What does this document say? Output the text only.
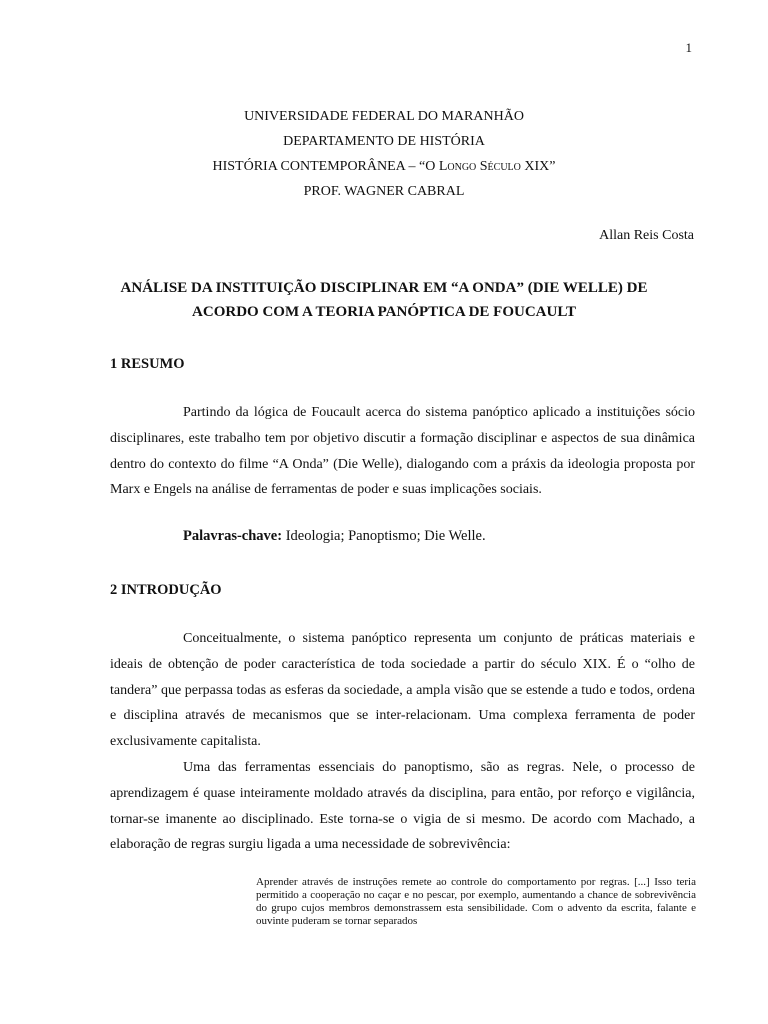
1
UNIVERSIDADE FEDERAL DO MARANHÃO
DEPARTAMENTO DE HISTÓRIA
HISTÓRIA CONTEMPORÂNEA – “O Longo Século XIX”
PROF. WAGNER CABRAL
Allan Reis Costa
ANÁLISE DA INSTITUIÇÃO DISCIPLINAR EM “A ONDA” (DIE WELLE) DE ACORDO COM A TEORIA PANÓPTICA DE FOUCAULT
1 RESUMO

Partindo da lógica de Foucault acerca do sistema panóptico aplicado a instituições sócio disciplinares, este trabalho tem por objetivo discutir a formação disciplinar e aspectos de sua dinâmica dentro do contexto do filme “A Onda” (Die Welle), dialogando com a práxis da ideologia proposta por Marx e Engels na análise de ferramentas de poder e suas implicações sociais.

Palavras-chave: Ideologia; Panoptismo; Die Welle.
2 INTRODUÇÃO

Conceitualmente, o sistema panóptico representa um conjunto de práticas materiais e ideais de obtenção de poder característica de toda sociedade a partir do século XIX. É o “olho de tandera” que perpassa todas as esferas da sociedade, a ampla visão que se estende a tudo e todos, ordena e disciplina através de mecanismos que se inter-relacionam. Uma complexa ferramenta de poder exclusivamente capitalista.

Uma das ferramentas essenciais do panoptismo, são as regras. Nele, o processo de aprendizagem é quase inteiramente moldado através da disciplina, para então, por reforço e vigilância, tornar-se imanente ao disciplinado. Este torna-se o vigia de si mesmo. De acordo com Machado, a elaboração de regras surgiu ligada a uma necessidade de sobrevivência:

Aprender através de instruções remete ao controle do comportamento por regras. [...] Isso teria permitido a cooperação no caçar e no pescar, por exemplo, aumentando a chance de sobrevivência do grupo cujos membros demonstrassem esta sensibilidade. Com o advento da escrita, falante e ouvinte puderam se tornar separados
